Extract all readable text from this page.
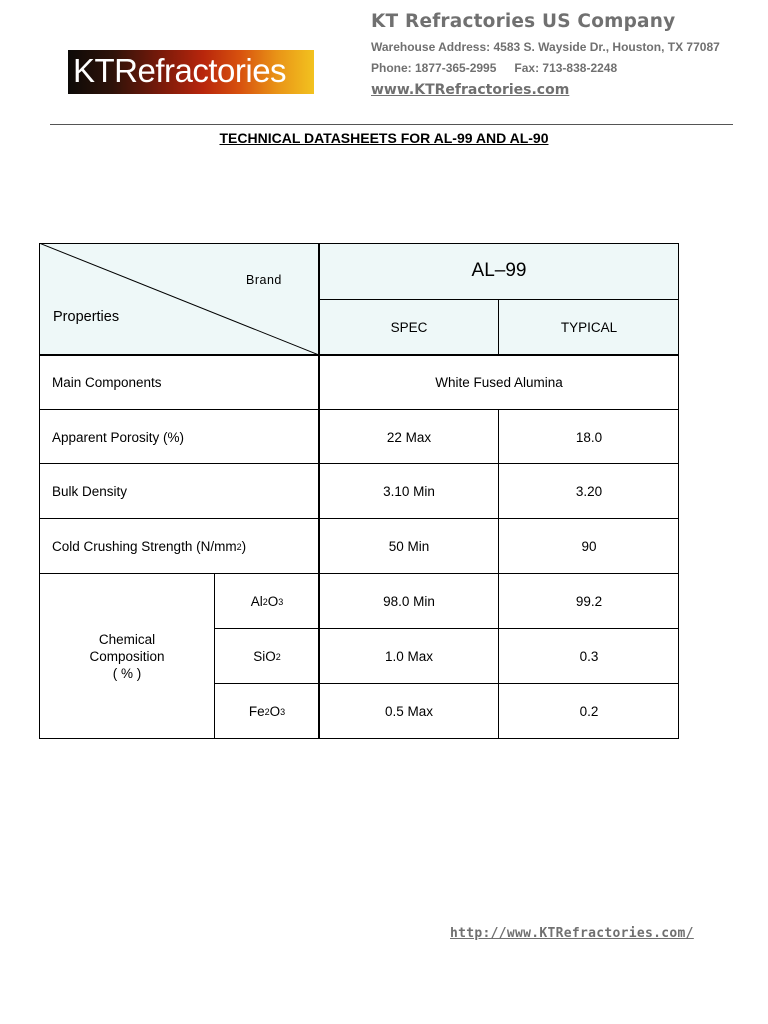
KTRefractories
KT Refractories US Company
Warehouse Address: 4583 S. Wayside Dr., Houston, TX 77087
Phone: 1877-365-2995 Fax: 713-838-2248
www.KTRefractories.com
TECHNICAL DATASHEETS FOR AL-99 AND AL-90
Brand
Properties
AL–99
SPEC	TYPICAL
Main Components	White Fused Alumina
Apparent Porosity (%)	22 Max	18.0
Bulk Density	3.10 Min	3.20
Cold Crushing Strength (N/mm 2 )	50 Min	90
Chemical
Composition
( % )
Al 2 O 3	98.0 Min	99.2
SiO 2	1.0 Max	0.3
Fe 2 O 3	0.5 Max	0.2
http://www.KTRefractories.com/
